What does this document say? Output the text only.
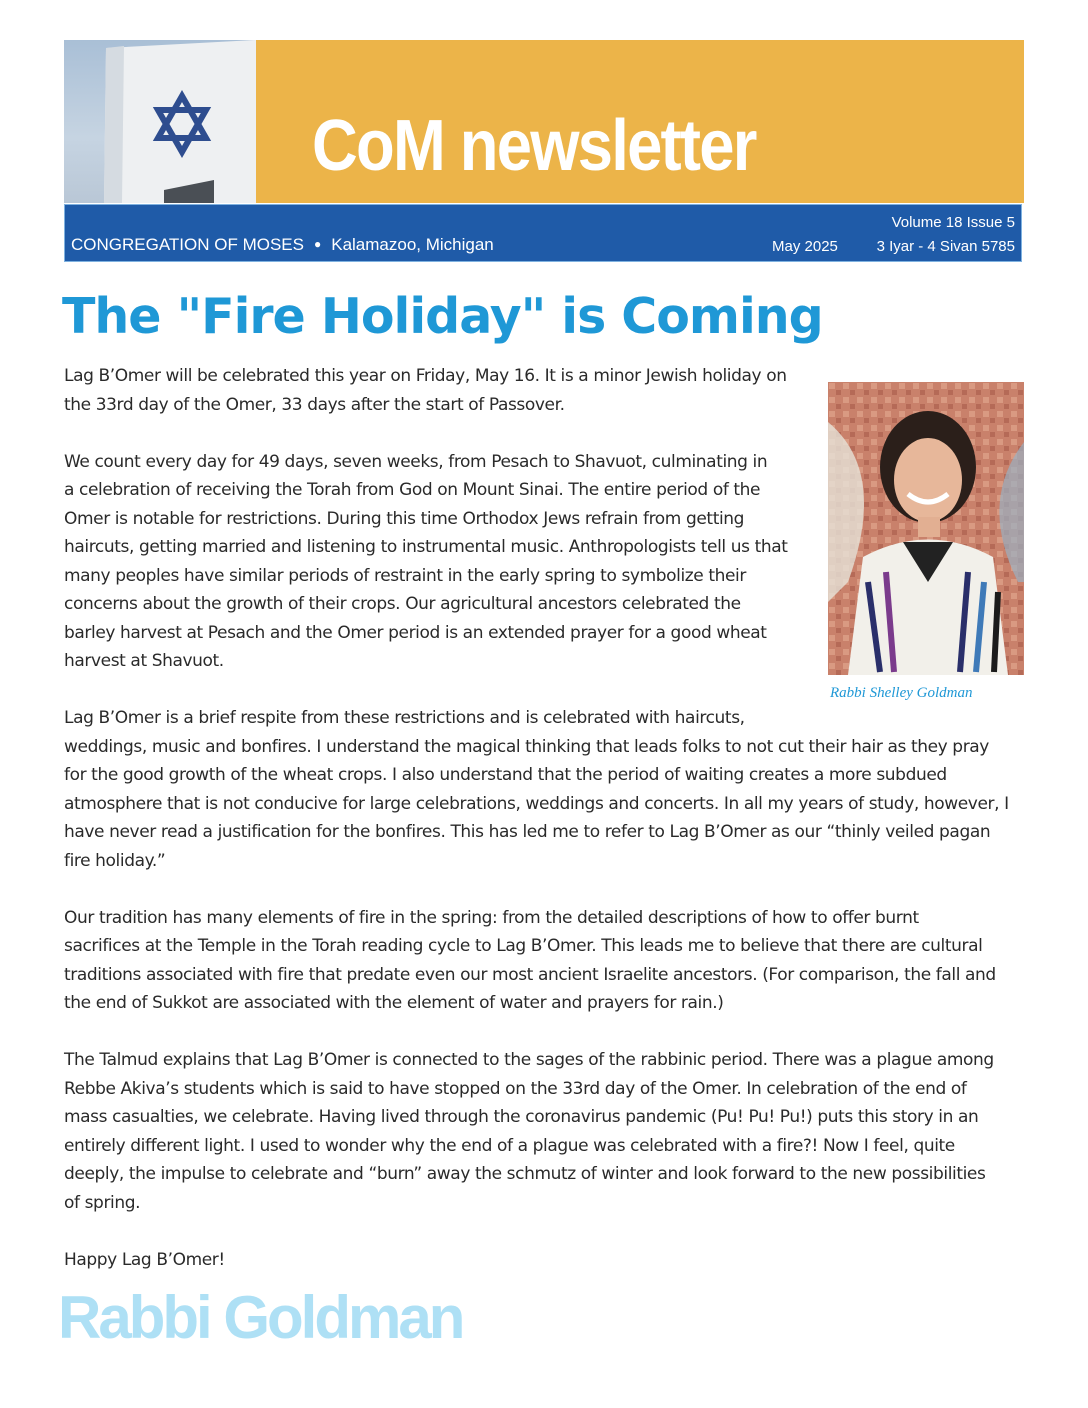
CoM newsletter
CONGREGATION OF MOSES ● Kalamazoo, Michigan
Volume 18 Issue 5
May 2025	3 Iyar - 4 Sivan 5785
The "Fire Holiday" is Coming
Rabbi Shelley Goldman
Lag B’Omer will be celebrated this year on Friday, May 16. It is a minor Jewish holiday on
the 33rd day of the Omer, 33 days after the start of Passover.
We count every day for 49 days, seven weeks, from Pesach to Shavuot, culminating in
a celebration of receiving the Torah from God on Mount Sinai. The entire period of the
Omer is notable for restrictions. During this time Orthodox Jews refrain from getting
haircuts, getting married and listening to instrumental music. Anthropologists tell us that
many peoples have similar periods of restraint in the early spring to symbolize their
concerns about the growth of their crops. Our agricultural ancestors celebrated the
barley harvest at Pesach and the Omer period is an extended prayer for a good wheat
harvest at Shavuot.
Lag B’Omer is a brief respite from these restrictions and is celebrated with haircuts,
weddings, music and bonfires. I understand the magical thinking that leads folks to not cut their hair as they pray
for the good growth of the wheat crops. I also understand that the period of waiting creates a more subdued
atmosphere that is not conducive for large celebrations, weddings and concerts. In all my years of study, however, I
have never read a justification for the bonfires. This has led me to refer to Lag B’Omer as our “thinly veiled pagan
fire holiday.”
Our tradition has many elements of fire in the spring: from the detailed descriptions of how to offer burnt
sacrifices at the Temple in the Torah reading cycle to Lag B’Omer. This leads me to believe that there are cultural
traditions associated with fire that predate even our most ancient Israelite ancestors. (For comparison, the fall and
the end of Sukkot are associated with the element of water and prayers for rain.)
The Talmud explains that Lag B’Omer is connected to the sages of the rabbinic period. There was a plague among
Rebbe Akiva’s students which is said to have stopped on the 33rd day of the Omer. In celebration of the end of
mass casualties, we celebrate. Having lived through the coronavirus pandemic (Pu! Pu! Pu!) puts this story in an
entirely different light. I used to wonder why the end of a plague was celebrated with a fire?! Now I feel, quite
deeply, the impulse to celebrate and “burn” away the schmutz of winter and look forward to the new possibilities
of spring.
Happy Lag B’Omer!
Rabbi Goldman
